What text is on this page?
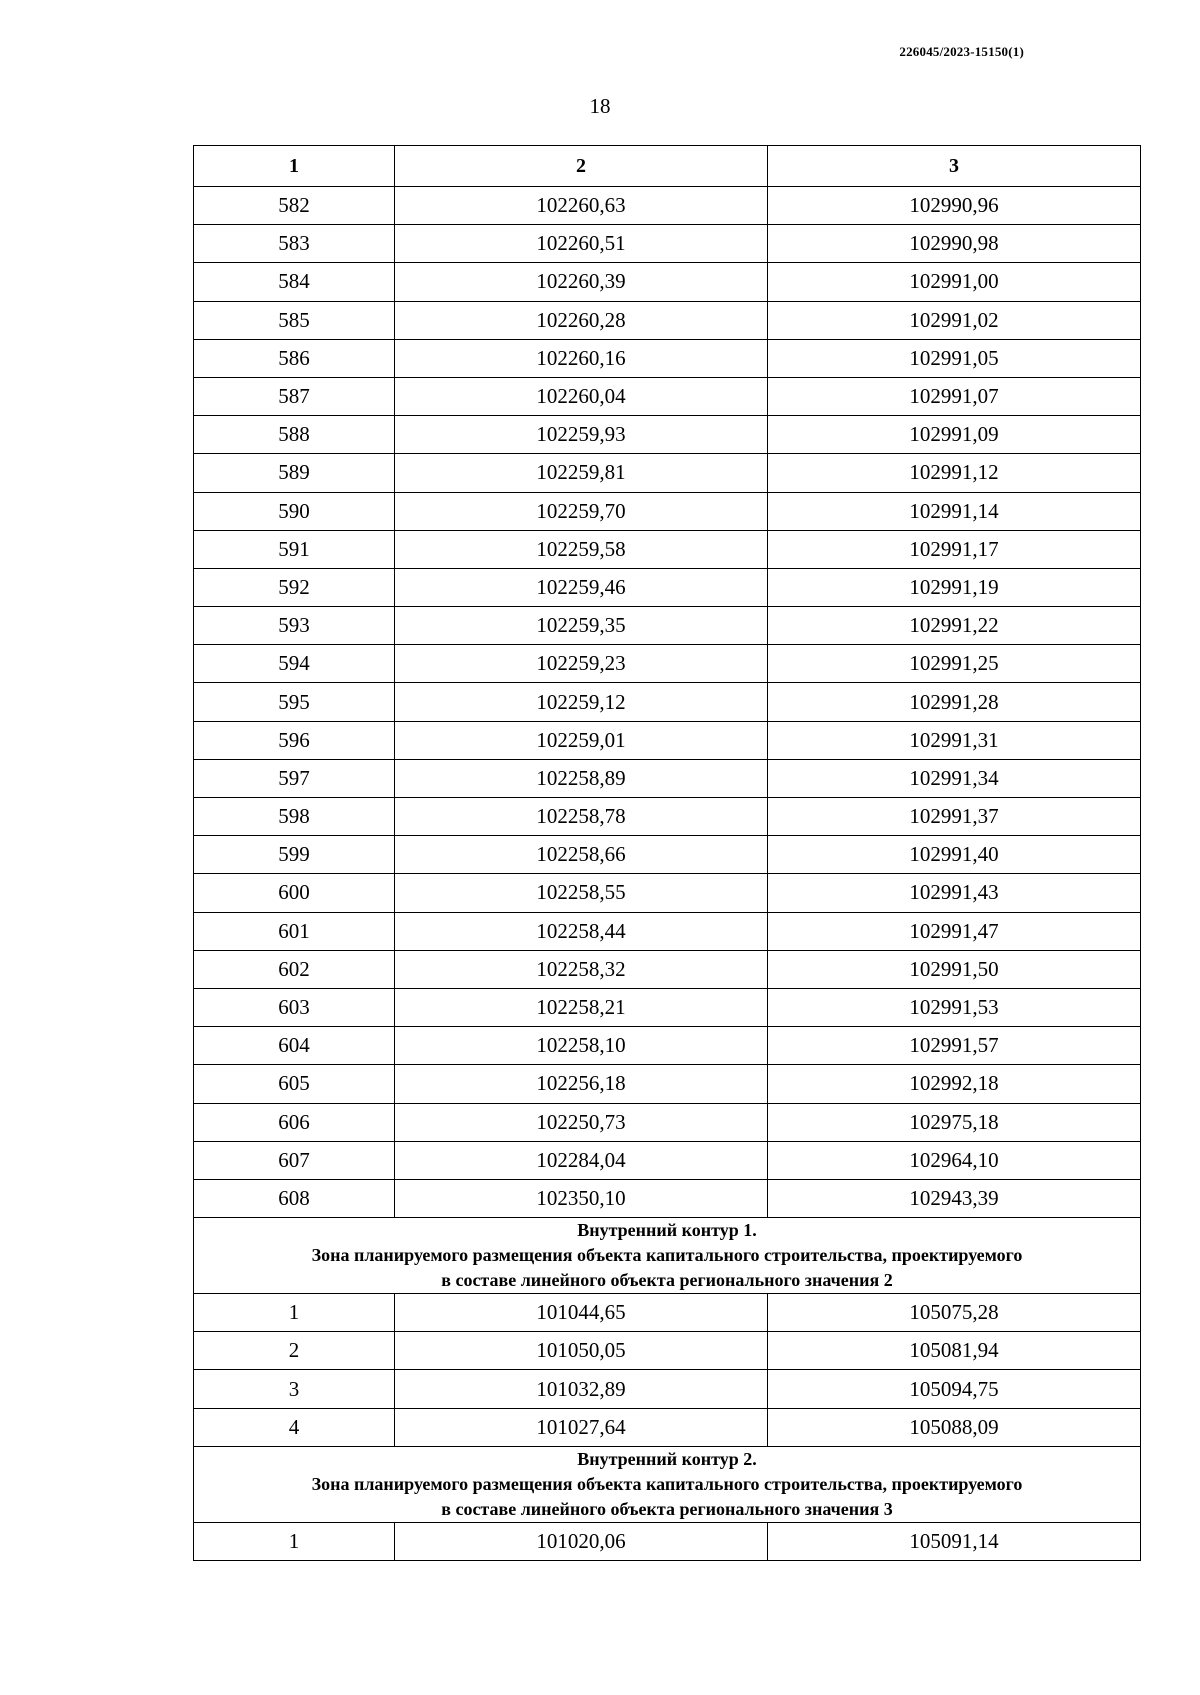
226045/2023-15150(1)
18
1	2	3
582	102260,63	102990,96
583	102260,51	102990,98
584	102260,39	102991,00
585	102260,28	102991,02
586	102260,16	102991,05
587	102260,04	102991,07
588	102259,93	102991,09
589	102259,81	102991,12
590	102259,70	102991,14
591	102259,58	102991,17
592	102259,46	102991,19
593	102259,35	102991,22
594	102259,23	102991,25
595	102259,12	102991,28
596	102259,01	102991,31
597	102258,89	102991,34
598	102258,78	102991,37
599	102258,66	102991,40
600	102258,55	102991,43
601	102258,44	102991,47
602	102258,32	102991,50
603	102258,21	102991,53
604	102258,10	102991,57
605	102256,18	102992,18
606	102250,73	102975,18
607	102284,04	102964,10
608	102350,10	102943,39

Внутренний контур 1.
Зона планируемого размещения объекта капитального строительства, проектируемого
в составе линейного объекта регионального значения 2		

1	101044,65	105075,28
2	101050,05	105081,94
3	101032,89	105094,75
4	101027,64	105088,09

Внутренний контур 2.
Зона планируемого размещения объекта капитального строительства, проектируемого
в составе линейного объекта регионального значения 3		

1	101020,06	105091,14
